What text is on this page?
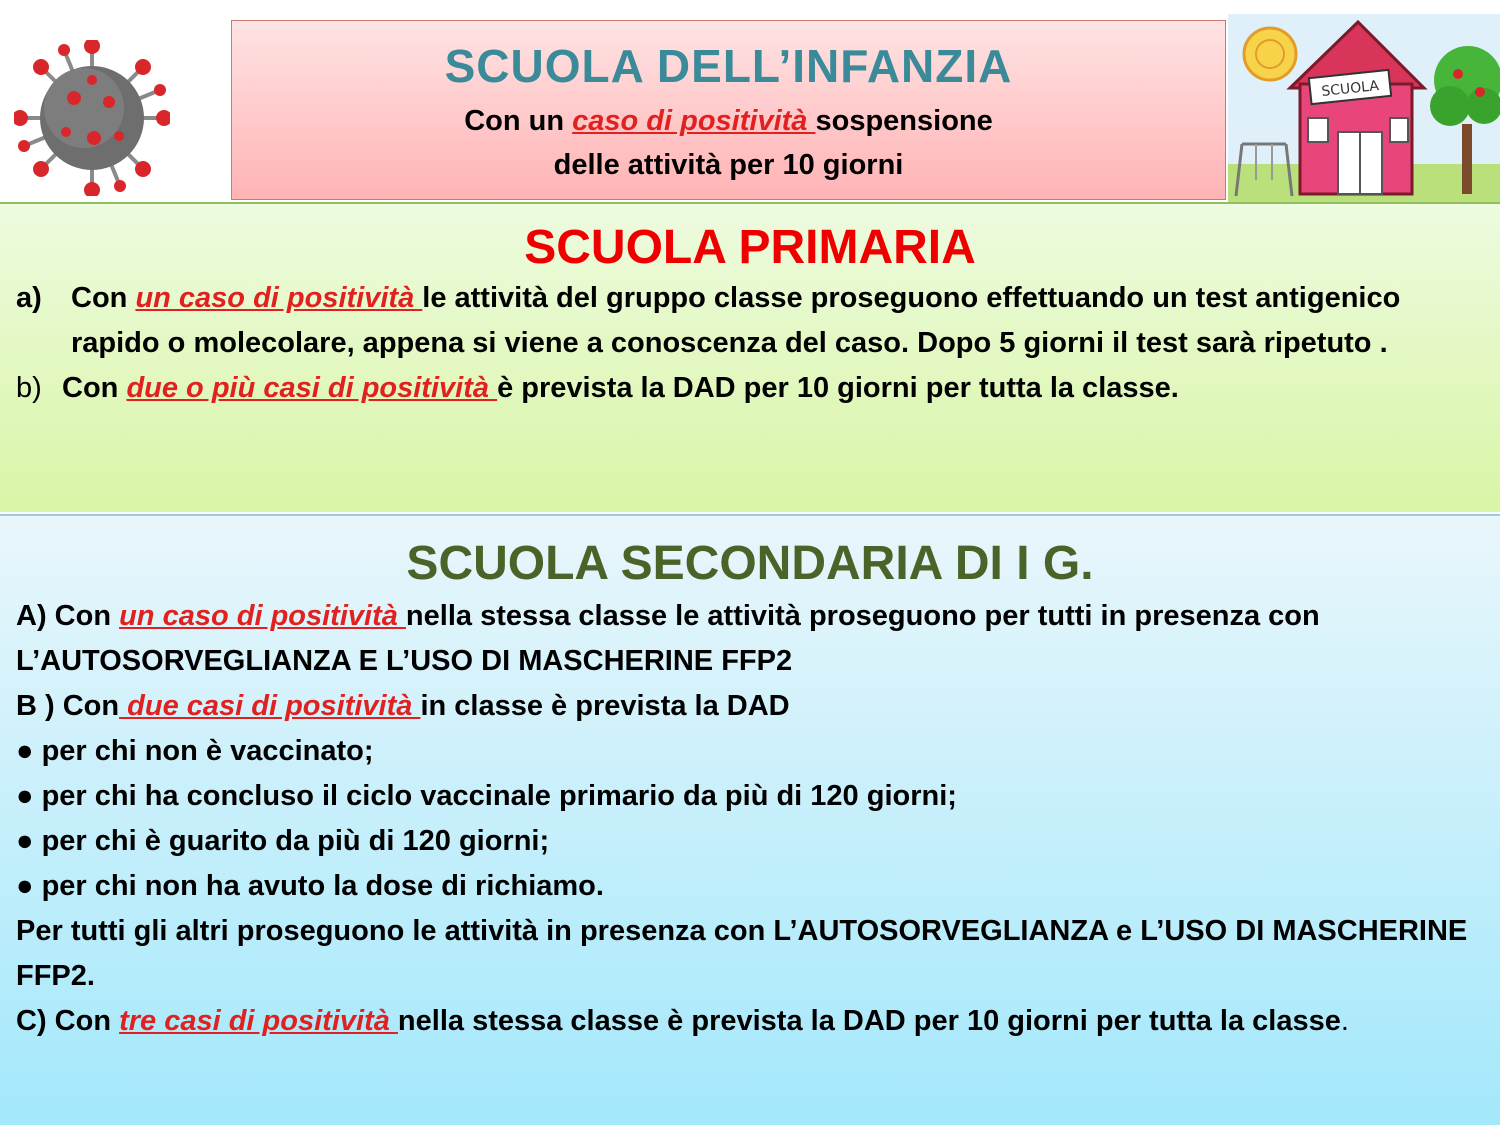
SCUOLA
SCUOLA DELL’INFANZIA
Con un caso di positività sospensione
delle attività per 10 giorni
SCUOLA PRIMARIA
a) Con un caso di positività le attività del gruppo classe proseguono effettuando un test antigenico rapido o molecolare, appena si viene a conoscenza del caso. Dopo 5 giorni il test sarà ripetuto .
b) Con due o più casi di positività è prevista la DAD per 10 giorni per tutta la classe.
SCUOLA SECONDARIA DI I G.

A) Con un caso di positività nella stessa classe le attività proseguono per tutti in presenza con L’AUTOSORVEGLIANZA E L’USO DI MASCHERINE FFP2

B ) Con due casi di positività in classe è prevista la DAD

● per chi non è vaccinato;

● per chi ha concluso il ciclo vaccinale primario da più di 120 giorni;

● per chi è guarito da più di 120 giorni;

● per chi non ha avuto la dose di richiamo.

Per tutti gli altri proseguono le attività in presenza con L’AUTOSORVEGLIANZA e L’USO DI MASCHERINE FFP2.

C) Con tre casi di positività nella stessa classe è prevista la DAD per 10 giorni per tutta la classe.
